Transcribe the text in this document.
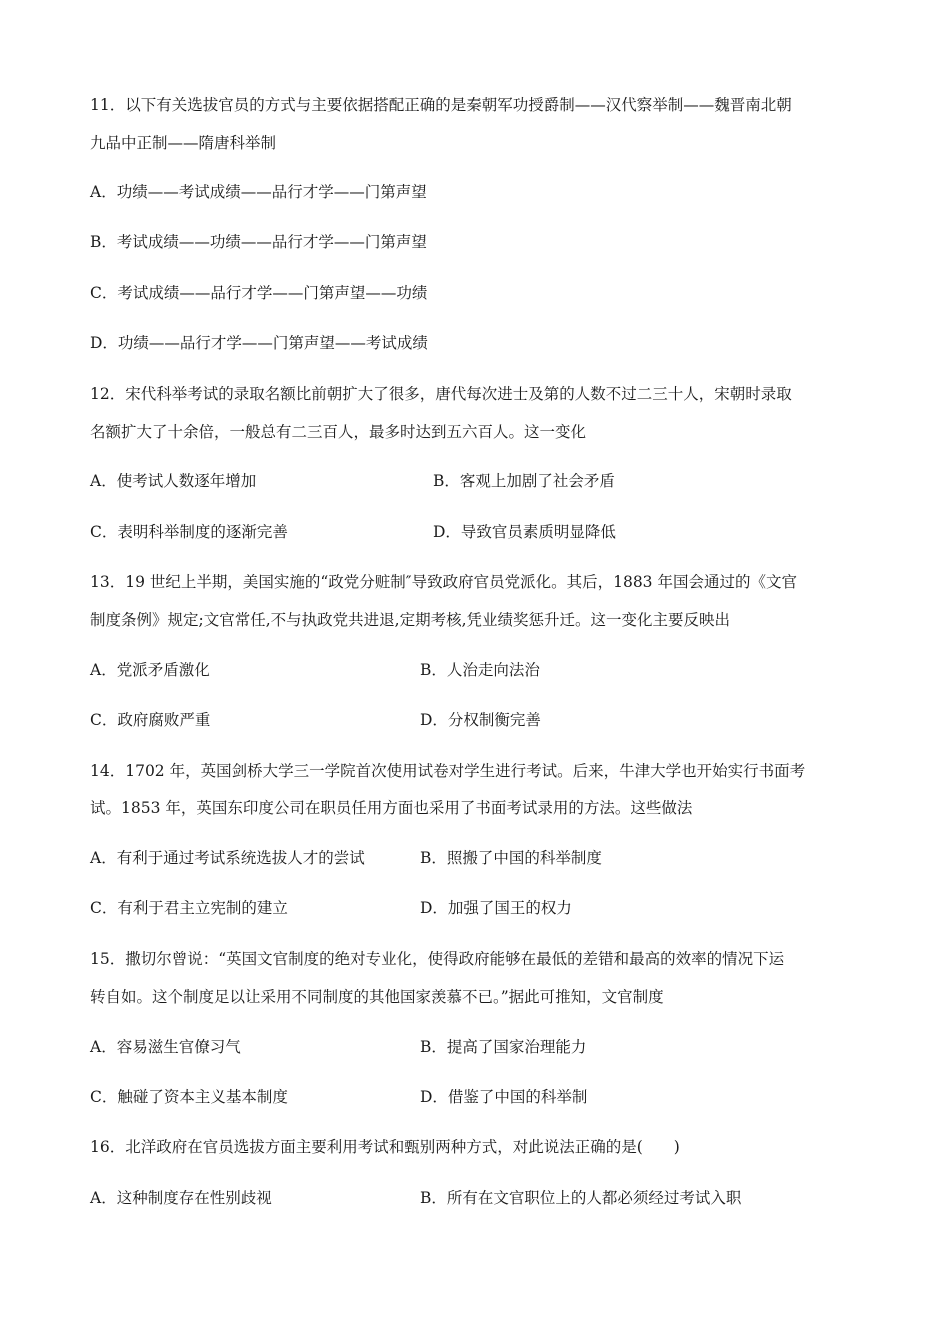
11．以下有关选拔官员的方式与主要依据搭配正确的是秦朝军功授爵制——汉代察举制——魏晋南北朝
九品中正制——隋唐科举制
A．功绩——考试成绩——品行才学——门第声望
B．考试成绩——功绩——品行才学——门第声望
C．考试成绩——品行才学——门第声望——功绩
D．功绩——品行才学——门第声望——考试成绩
12．宋代科举考试的录取名额比前朝扩大了很多，唐代每次进士及第的人数不过二三十人，宋朝时录取
名额扩大了十余倍，一般总有二三百人，最多时达到五六百人。这一变化
A．使考试人数逐年增加	B．客观上加剧了社会矛盾
C．表明科举制度的逐渐完善	D．导致官员素质明显降低
13．19 世纪上半期，美国实施的“政党分赃制″导致政府官员党派化。其后，1883 年国会通过的《文官
制度条例》规定;文官常任,不与执政党共进退,定期考核,凭业绩奖惩升迁。这一变化主要反映出
A．党派矛盾激化	B．人治走向法治
C．政府腐败严重	D．分权制衡完善
14．1702 年，英国剑桥大学三一学院首次使用试卷对学生进行考试。后来，牛津大学也开始实行书面考
试。1853 年，英国东印度公司在职员任用方面也采用了书面考试录用的方法。这些做法
A．有利于通过考试系统选拔人才的尝试	B．照搬了中国的科举制度
C．有利于君主立宪制的建立	D．加强了国王的权力
15．撒切尔曾说：“英国文官制度的绝对专业化，使得政府能够在最低的差错和最高的效率的情况下运
转自如。这个制度足以让采用不同制度的其他国家羡慕不已。”据此可推知，文官制度
A．容易滋生官僚习气	B．提高了国家治理能力
C．触碰了资本主义基本制度	D．借鉴了中国的科举制
16．北洋政府在官员选拔方面主要利用考试和甄别两种方式，对此说法正确的是(　　)
A．这种制度存在性别歧视	B．所有在文官职位上的人都必须经过考试入职
